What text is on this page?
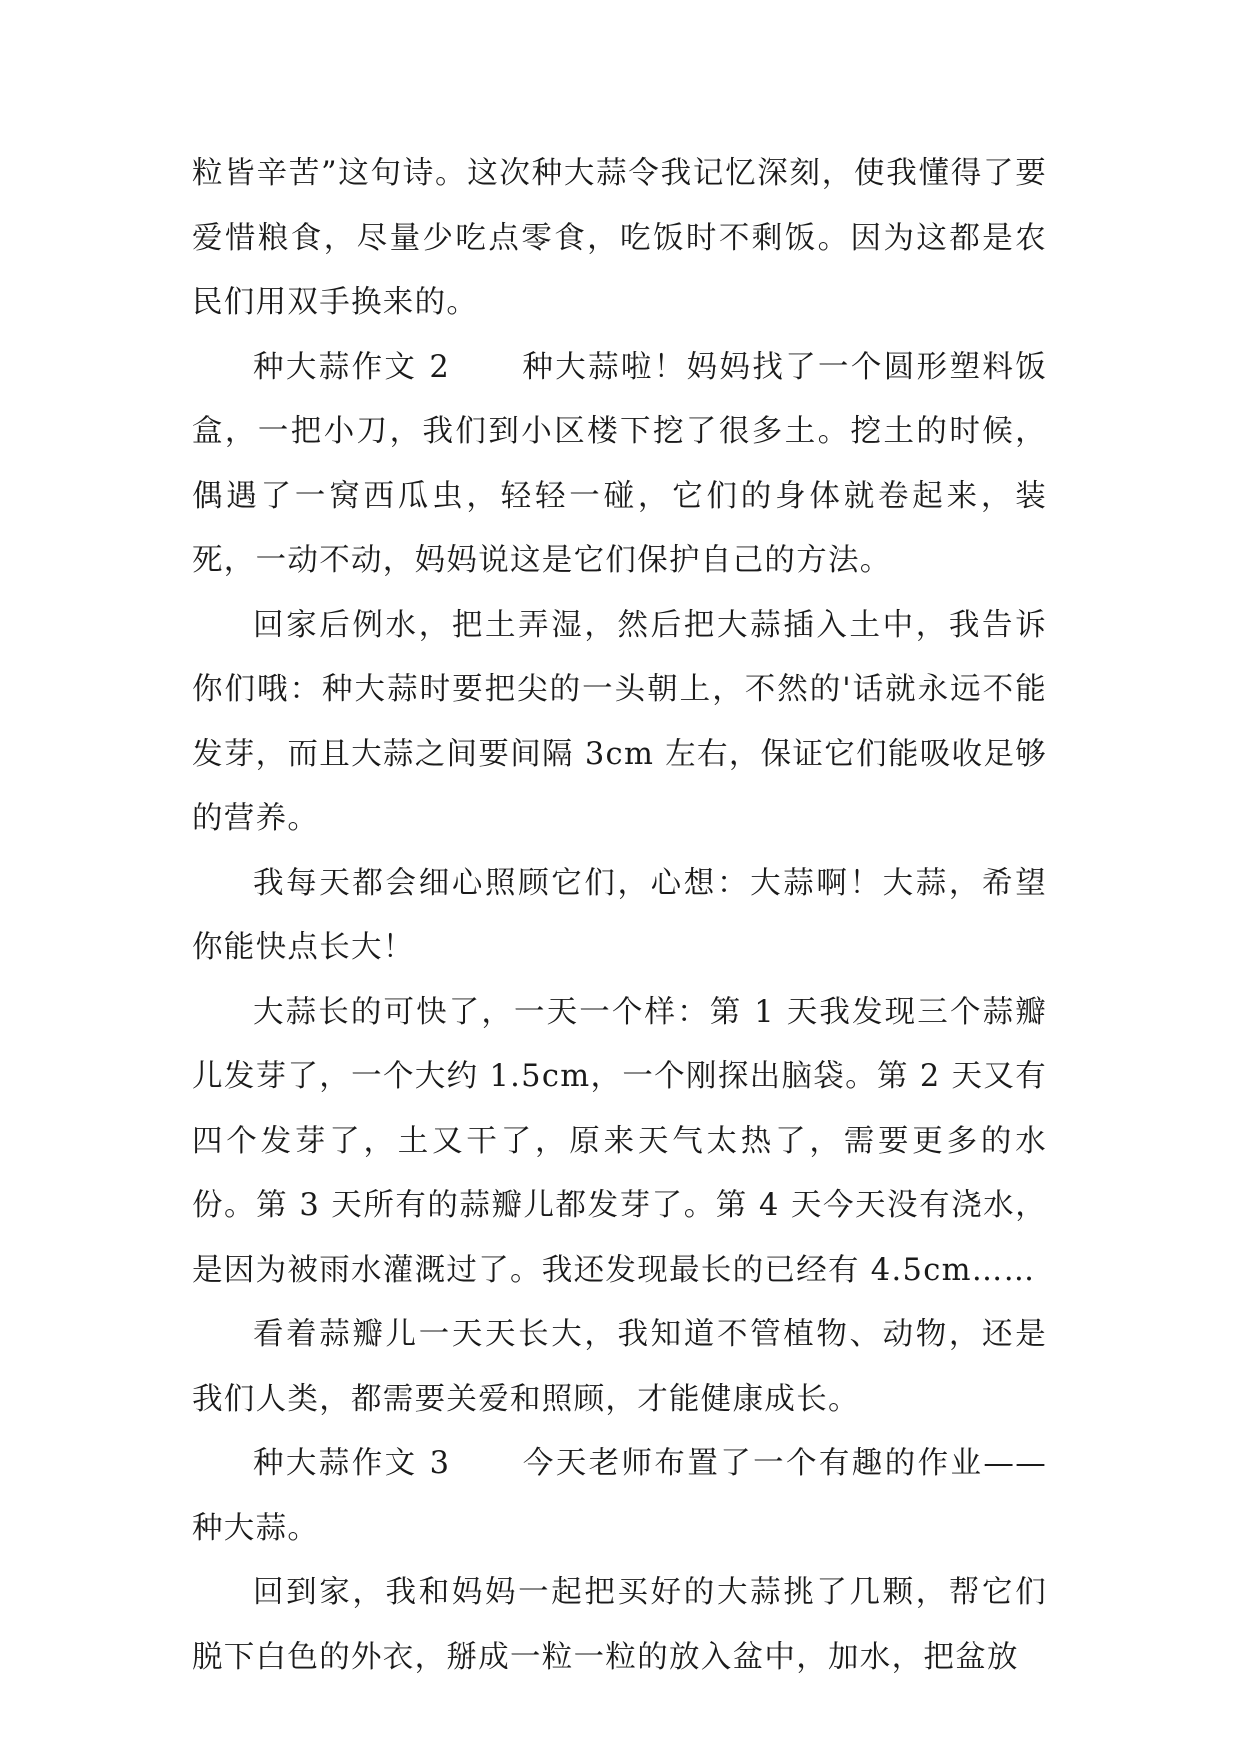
粒皆辛苦”这句诗。这次种大蒜令我记忆深刻，使我懂得了要爱惜粮食，尽量少吃点零食，吃饭时不剩饭。因为这都是农民们用双手换来的。

种大蒜作文 2 种大蒜啦！妈妈找了一个圆形塑料饭盒，一把小刀，我们到小区楼下挖了很多土。挖土的时候，偶遇了一窝西瓜虫，轻轻一碰，它们的身体就卷起来，装死，一动不动，妈妈说这是它们保护自己的方法。

回家后例水，把土弄湿，然后把大蒜插入土中，我告诉你们哦：种大蒜时要把尖的一头朝上，不然的'话就永远不能发芽，而且大蒜之间要间隔 3cm 左右，保证它们能吸收足够的营养。

我每天都会细心照顾它们，心想：大蒜啊！大蒜，希望你能快点长大！

大蒜长的可快了，一天一个样：第 1 天我发现三个蒜瓣儿发芽了，一个大约 1.5cm，一个刚探出脑袋。第 2 天又有四个发芽了，土又干了，原来天气太热了，需要更多的水份。第 3 天所有的蒜瓣儿都发芽了。第 4 天今天没有浇水，是因为被雨水灌溉过了。我还发现最长的已经有 4.5cm……

看着蒜瓣儿一天天长大，我知道不管植物、动物，还是我们人类，都需要关爱和照顾，才能健康成长。

种大蒜作文 3 今天老师布置了一个有趣的作业——种大蒜。

回到家，我和妈妈一起把买好的大蒜挑了几颗，帮它们脱下白色的外衣，掰成一粒一粒的放入盆中，加水，把盆放
